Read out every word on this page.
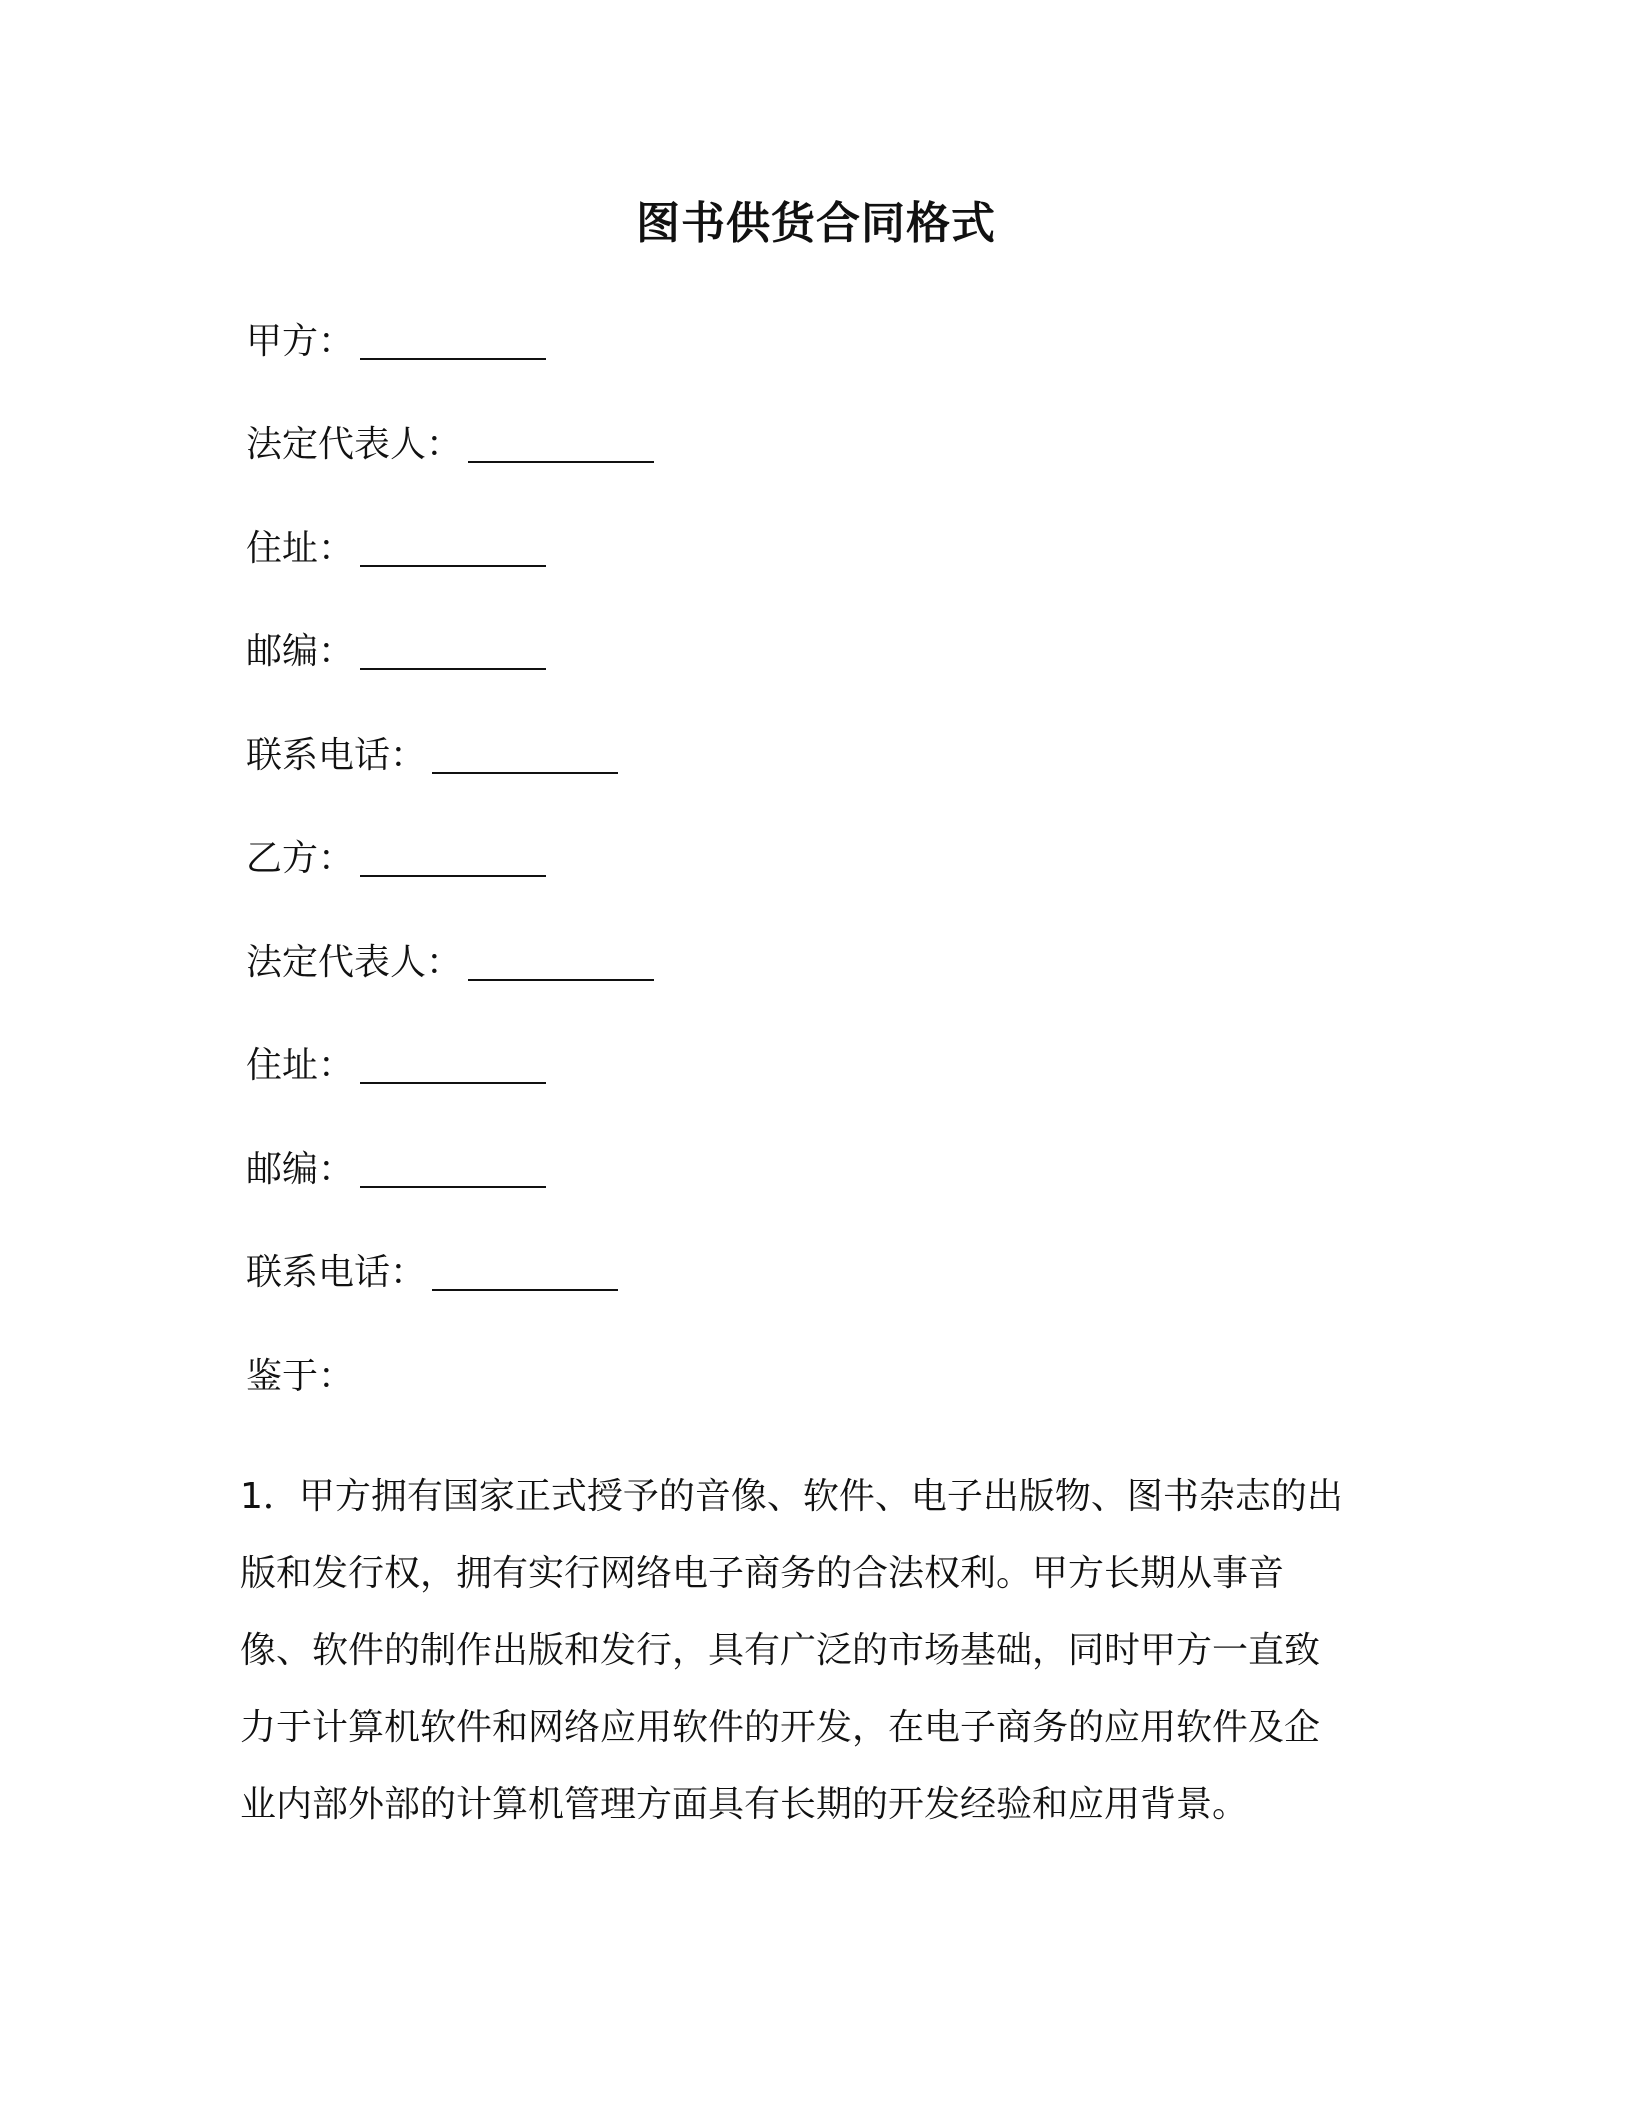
图书供货合同格式
甲方：
法定代表人：
住址：
邮编：
联系电话：
乙方：
法定代表人：
住址：
邮编：
联系电话：
鉴于：
1．甲方拥有国家正式授予的音像、软件、电子出版物、图书杂志的出
版和发行权，拥有实行网络电子商务的合法权利。甲方长期从事音
像、软件的制作出版和发行，具有广泛的市场基础，同时甲方一直致
力于计算机软件和网络应用软件的开发，在电子商务的应用软件及企
业内部外部的计算机管理方面具有长期的开发经验和应用背景。
